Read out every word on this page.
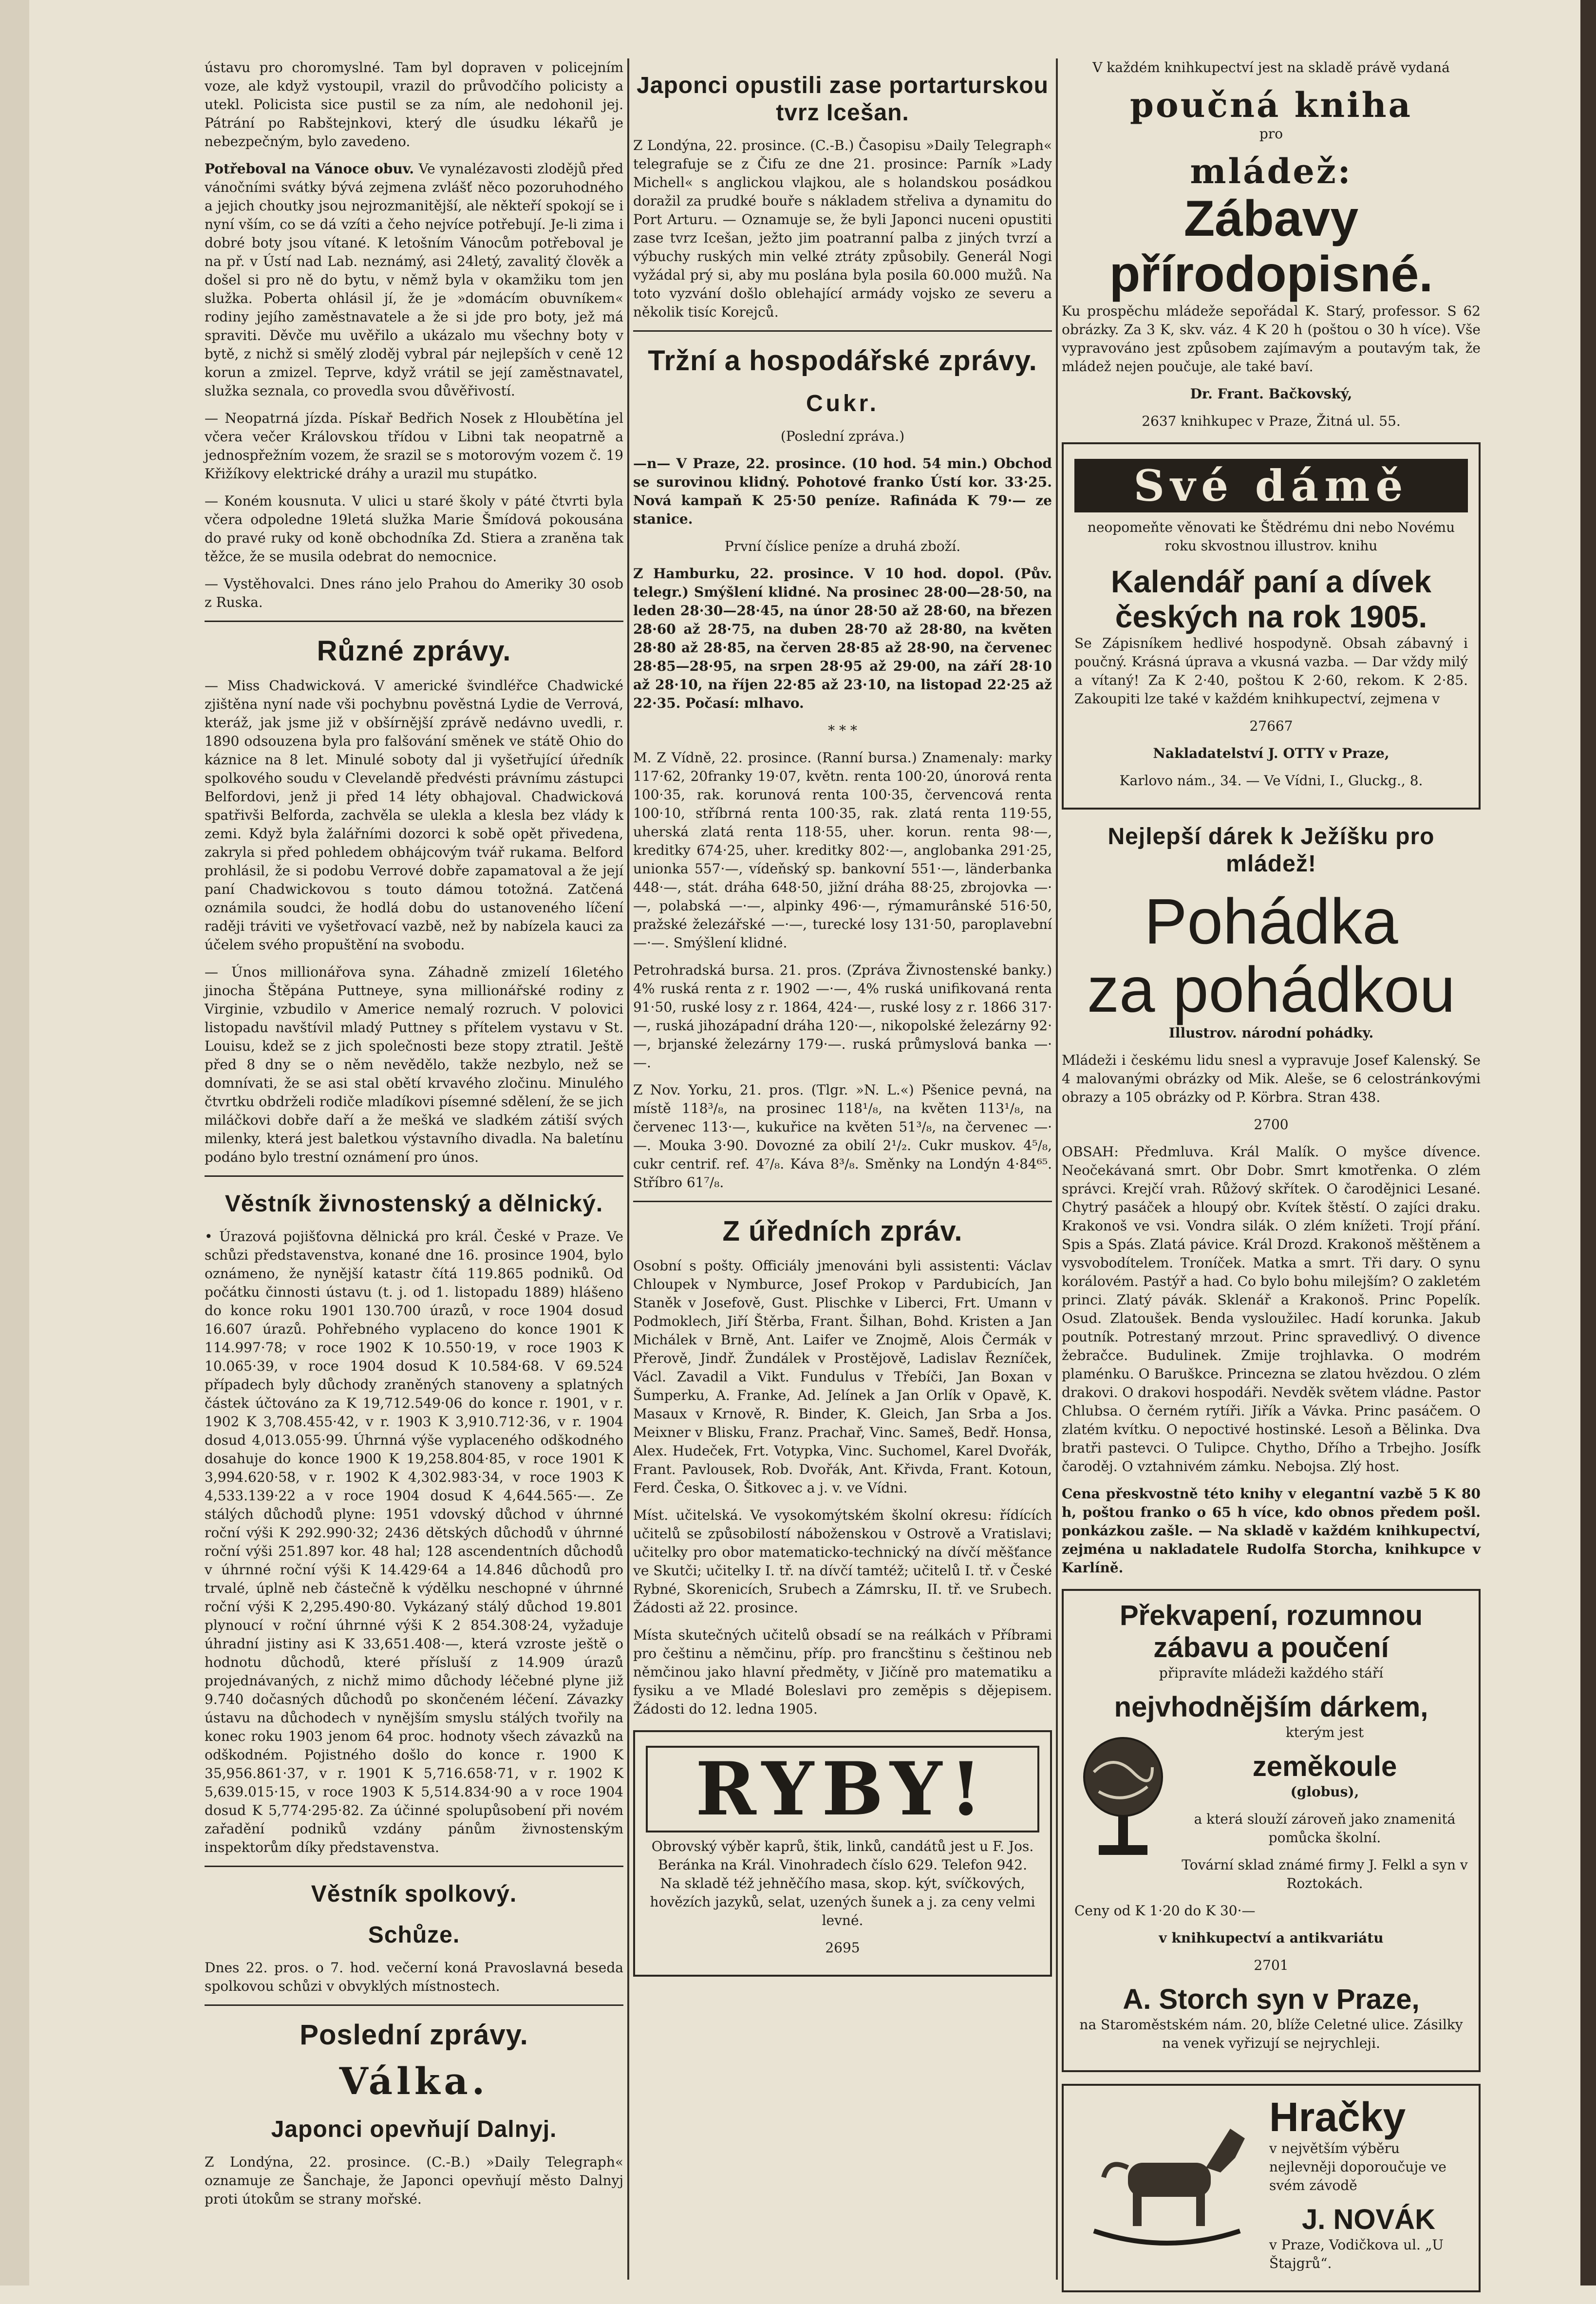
ústavu pro choromyslné. Tam byl dopraven v policejním voze, ale když vystoupil, vrazil do průvodčího policisty a utekl. Policista sice pustil se za ním, ale nedohonil jej. Pátrání po Rabštejnkovi, který dle úsudku lékařů je nebezpečným, bylo zavedeno.

Potřeboval na Vánoce obuv. Ve vynalézavosti zlodějů před vánočními svátky bývá zejmena zvlášť něco pozoruhodného a jejich choutky jsou nejrozmanitější, ale někteří spokojí se i nyní vším, co se dá vzíti a čeho nejvíce potřebují. Je-li zima i dobré boty jsou vítané. K letošním Vánocům potřeboval je na př. v Ústí nad Lab. neznámý, asi 24letý, zavalitý člověk a došel si pro ně do bytu, v němž byla v okamžiku tom jen služka. Poberta ohlásil jí, že je »domácím obuvníkem« rodiny jejího zaměstnavatele a že si jde pro boty, jež má spraviti. Děvče mu uvěřilo a ukázalo mu všechny boty v bytě, z nichž si smělý zloděj vybral pár nejlepších v ceně 12 korun a zmizel. Teprve, když vrátil se její zaměstnavatel, služka seznala, co provedla svou důvěřivostí.

— Neopatrná jízda. Pískař Bedřich Nosek z Hloubětína jel včera večer Královskou třídou v Libni tak neopatrně a jednospřežním vozem, že srazil se s motorovým vozem č. 19 Křižíkovy elektrické dráhy a urazil mu stupátko.

— Koném kousnuta. V ulici u staré školy v páté čtvrti byla včera odpoledne 19letá služka Marie Šmídová pokousána do pravé ruky od koně obchodníka Zd. Stiera a zraněna tak těžce, že se musila odebrat do nemocnice.

— Vystěhovalci. Dnes ráno jelo Prahou do Ameriky 30 osob z Ruska.

Různé zprávy.

— Miss Chadwicková. V americké švindléřce Chadwické zjištěna nyní nade vši pochybnu pověstná Lydie de Verrová, kteráž, jak jsme již v obšírnější zprávě nedávno uvedli, r. 1890 odsouzena byla pro falšování směnek ve státě Ohio do káznice na 8 let. Minulé soboty dal ji vyšetřující úředník spolkového soudu v Clevelandě předvésti právnímu zástupci Belfordovi, jenž ji před 14 léty obhajoval. Chadwicková spatřivši Belforda, zachvěla se ulekla a klesla bez vlády k zemi. Když byla žalářními dozorci k sobě opět přivedena, zakryla si před pohledem obhájcovým tvář rukama. Belford prohlásil, že si podobu Verrové dobře zapamatoval a že její paní Chadwickovou s touto dámou totožná. Zatčená oznámila soudci, že hodlá dobu do ustanoveného líčení raději tráviti ve vyšetřovací vazbě, než by nabízela kauci za účelem svého propuštění na svobodu.

— Únos millionářova syna. Záhadně zmizelí 16letého jinocha Štěpána Puttneye, syna millionářské rodiny z Virginie, vzbudilo v Americe nemalý rozruch. V polovici listopadu navštívil mladý Puttney s přítelem vystavu v St. Louisu, kdež se z jich společnosti beze stopy ztratil. Ještě před 8 dny se o něm nevědělo, takže nezbylo, než se domnívati, že se asi stal obětí krvavého zločinu. Minulého čtvrtku obdrželi rodiče mladíkovi písemné sdělení, že se jich miláčkovi dobře daří a že mešká ve sladkém zátiší svých milenky, která jest baletkou výstavního divadla. Na baletínu podáno bylo trestní oznámení pro únos.

Věstník živnostenský a dělnický.

• Úrazová pojišťovna dělnická pro král. České v Praze. Ve schůzi představenstva, konané dne 16. prosince 1904, bylo oznámeno, že nynější katastr čítá 119.865 podniků. Od počátku činnosti ústavu (t. j. od 1. listopadu 1889) hlášeno do konce roku 1901 130.700 úrazů, v roce 1904 dosud 16.607 úrazů. Pohřebného vyplaceno do konce 1901 K 114.997·78; v roce 1902 K 10.550·19, v roce 1903 K 10.065·39, v roce 1904 dosud K 10.584·68. V 69.524 případech byly důchody zraněných stanoveny a splatných částek účtováno za K 19,712.549·06 do konce r. 1901, v r. 1902 K 3,708.455·42, v r. 1903 K 3,910.712·36, v r. 1904 dosud 4,013.055·99. Úhrnná výše vyplaceného odškodného dosahuje do konce 1900 K 19,258.804·85, v roce 1901 K 3,994.620·58, v r. 1902 K 4,302.983·34, v roce 1903 K 4,533.139·22 a v roce 1904 dosud K 4,644.565·—. Ze stálých důchodů plyne: 1951 vdovský důchod v úhrnné roční výši K 292.990·32; 2436 dětských důchodů v úhrnné roční výši 251.897 kor. 48 hal; 128 ascendentních důchodů v úhrnné roční výši K 14.429·64 a 14.846 důchodů pro trvalé, úplně neb částečně k výdělku neschopné v úhrnné roční výši K 2,295.490·80. Vykázaný stálý důchod 19.801 plynoucí v roční úhrnné výši K 2 854.308·24, vyžaduje úhradní jistiny asi K 33,651.408·—, která vzroste ještě o hodnotu důchodů, které přísluší z 14.909 úrazů projednávaných, z nichž mimo důchody léčebné plyne již 9.740 dočasných důchodů po skončeném léčení. Závazky ústavu na důchodech v nynějším smyslu stálých tvořily na konec roku 1903 jenom 64 proc. hodnoty všech závazků na odškodném. Pojistného došlo do konce r. 1900 K 35,956.861·37, v r. 1901 K 5,716.658·71, v r. 1902 K 5,639.015·15, v roce 1903 K 5,514.834·90 a v roce 1904 dosud K 5,774·295·82. Za účinné spolupůsobení při novém zařadění podniků vzdány pánům živnostenským inspektorům díky představenstva.

Věstník spolkový.
Schůze.

Dnes 22. pros. o 7. hod. večerní koná Pravoslavná beseda spolkovou schůzi v obvyklých místnostech.

Poslední zprávy.
Válka.
Japonci opevňují Dalnyj.

Z Londýna, 22. prosince. (C.-B.) »Daily Telegraph« oznamuje ze Šanchaje, že Japonci opevňují město Dalnyj proti útokům se strany mořské.

Japonci opustili zase portarturskou tvrz Icešan.

Z Londýna, 22. prosince. (C.-B.) Časopisu »Daily Telegraph« telegrafuje se z Čifu ze dne 21. prosince: Parník »Lady Michell« s anglickou vlajkou, ale s holandskou posádkou doražil za prudké bouře s nákladem střeliva a dynamitu do Port Arturu. — Oznamuje se, že byli Japonci nuceni opustiti zase tvrz Icešan, ježto jim poatranní palba z jiných tvrzí a výbuchy ruských min velké ztráty způsobily. Generál Nogi vyžádal prý si, aby mu poslána byla posila 60.000 mužů. Na toto vyzvání došlo oblehající armády vojsko ze severu a několik tisíc Korejců.

Tržní a hospodářské zprávy.
Cukr.

(Poslední zpráva.)

—n— V Praze, 22. prosince. (10 hod. 54 min.) Obchod se surovinou klidný. Pohotové franko Ústí kor. 33·25. Nová kampaň K 25·50 peníze. Rafináda K 79·— ze stanice.

První číslice peníze a druhá zboží.

Z Hamburku, 22. prosince. V 10 hod. dopol. (Pův. telegr.) Smýšlení klidné. Na prosinec 28·00—28·50, na leden 28·30—28·45, na únor 28·50 až 28·60, na březen 28·60 až 28·75, na duben 28·70 až 28·80, na květen 28·80 až 28·85, na červen 28·85 až 28·90, na červenec 28·85—28·95, na srpen 28·95 až 29·00, na září 28·10 až 28·10, na říjen 22·85 až 23·10, na listopad 22·25 až 22·35. Počasí: mlhavo.

* * *

M. Z Vídně, 22. prosince. (Ranní bursa.) Znamenaly: marky 117·62, 20franky 19·07, květn. renta 100·20, únorová renta 100·35, rak. korunová renta 100·35, červencová renta 100·10, stříbrná renta 100·35, rak. zlatá renta 119·55, uherská zlatá renta 118·55, uher. korun. renta 98·—, kreditky 674·25, uher. kreditky 802·—, anglobanka 291·25, unionka 557·—, vídeňský sp. bankovní 551·—, länderbanka 448·—, stát. dráha 648·50, jižní dráha 88·25, zbrojovka —·—, polabská —·—, alpinky 496·—, rýmamurânské 516·50, pražské železářské —·—, turecké losy 131·50, paroplavební —·—. Smýšlení klidné.

Petrohradská bursa. 21. pros. (Zpráva Živnostenské banky.) 4% ruská renta z r. 1902 —·—, 4% ruská unifikovaná renta 91·50, ruské losy z r. 1864, 424·—, ruské losy z r. 1866 317·—, ruská jihozápadní dráha 120·—, nikopolské železárny 92·—, brjanské železárny 179·—. ruská průmyslová banka —·—.

Z Nov. Yorku, 21. pros. (Tlgr. »N. L.«) Pšenice pevná, na místě 118³/₈, na prosinec 118¹/₈, na květen 113¹/₈, na červenec 113·—, kukuřice na květen 51³/₈, na červenec —·—. Mouka 3·90. Dovozné za obilí 2¹/₂. Cukr muskov. 4⁵/₈, cukr centrif. ref. 4⁷/₈. Káva 8³/₈. Směnky na Londýn 4·84⁶⁵. Stříbro 61⁷/₈.

Z úředních zpráv.

Osobní s pošty. Officiály jmenováni byli assistenti: Václav Chloupek v Nymburce, Josef Prokop v Pardubicích, Jan Staněk v Josefově, Gust. Plischke v Liberci, Frt. Umann v Podmoklech, Jiří Štěrba, Frant. Šilhan, Bohd. Kristen a Jan Michálek v Brně, Ant. Laifer ve Znojmě, Alois Čermák v Přerově, Jindř. Žundálek v Prostějově, Ladislav Řezníček, Václ. Zavadil a Vikt. Fundulus v Třebíči, Jan Boxan v Šumperku, A. Franke, Ad. Jelínek a Jan Orlík v Opavě, K. Masaux v Krnově, R. Binder, K. Gleich, Jan Srba a Jos. Meixner v Blisku, Franz. Prachař, Vinc. Sameš, Bedř. Honsa, Alex. Hudeček, Frt. Votypka, Vinc. Suchomel, Karel Dvořák, Frant. Pavlousek, Rob. Dvořák, Ant. Křivda, Frant. Kotoun, Ferd. Česka, O. Šitkovec a j. v. ve Vídni.

Míst. učitelská. Ve vysokomýtském školní okresu: řídících učitelů se způsobilostí náboženskou v Ostrově a Vratislavi; učitelky pro obor matematicko-technický na dívčí měšťance ve Skutči; učitelky I. tř. na dívčí tamtéž; učitelů I. tř. v České Rybné, Skorenicích, Srubech a Zámrsku, II. tř. ve Srubech. Žádosti až 22. prosince.

Místa skutečných učitelů obsadí se na reálkách v Příbrami pro češtinu a němčinu, příp. pro francštinu s češtinou neb němčinou jako hlavní předměty, v Jičíně pro matematiku a fysiku a ve Mladé Boleslavi pro zeměpis s dějepisem. Žádosti do 12. ledna 1905.

RYBY!

Obrovský výběr kaprů, štik, linků, candátů jest u F. Jos. Beránka na Král. Vinohradech číslo 629. Telefon 942. Na skladě též jehněčího masa, skop. kýt, svíčkových, hovězích jazyků, selat, uzených šunek a j. za ceny velmi levné.

2695

V každém knihkupectví jest na skladě právě vydaná

poučná kniha

pro

mládež:
Zábavy přírodopisné.

Ku prospěchu mládeže sepořádal K. Starý, professor. S 62 obrázky. Za 3 K, skv. váz. 4 K 20 h (poštou o 30 h více). Vše vypravováno jest způsobem zajímavým a poutavým tak, že mládež nejen poučuje, ale také baví.

Dr. Frant. Bačkovský,

2637 knihkupec v Praze, Žitná ul. 55.

Své dámě

neopomeňte věnovati ke Štědrému dni nebo Novému roku skvostnou illustrov. knihu

Kalendář paní a dívek českých na rok 1905.

Se Zápisníkem hedlivé hospodyně. Obsah zábavný i poučný. Krásná úprava a vkusná vazba. — Dar vždy milý a vítaný! Za K 2·40, poštou K 2·60, rekom. K 2·85. Zakoupiti lze také v každém knihkupectví, zejmena v

27667

Nakladatelství J. OTTY v Praze,

Karlovo nám., 34. — Ve Vídni, I., Gluckg., 8.

Nejlepší dárek k Ježíšku pro mládež!
Pohádka
za pohádkou

Illustrov. národní pohádky.

Mládeži i českému lidu snesl a vypravuje Josef Kalenský. Se 4 malovanými obrázky od Mik. Aleše, se 6 celostránkovými obrazy a 105 obrázky od P. Körbra. Stran 438.

2700

OBSAH: Předmluva. Král Malík. O myšce dívence. Neočekávaná smrt. Obr Dobr. Smrt kmotřenka. O zlém správci. Krejčí vrah. Růžový skřítek. O čarodějnici Lesané. Chytrý pasáček a hloupý obr. Kvítek štěstí. O zajíci draku. Krakonoš ve vsi. Vondra silák. O zlém knížeti. Trojí přání. Spis a Spás. Zlatá pávice. Král Drozd. Krakonoš měštěnem a vysvobodítelem. Troníček. Matka a smrt. Tři dary. O synu korálovém. Pastýř a had. Co bylo bohu milejším? O zakletém princi. Zlatý pávák. Sklenář a Krakonoš. Princ Popelík. Osud. Zlatoušek. Benda vysloužilec. Hadí korunka. Jakub poutník. Potrestaný mrzout. Princ spravedlivý. O divence žebračce. Budulinek. Zmije trojhlavka. O modrém plaménku. O Baruškce. Princezna se zlatou hvězdou. O zlém drakovi. O drakovi hospodáři. Nevděk světem vládne. Pastor Chlubsa. O černém rytíři. Jiřík a Vávka. Princ pasáčem. O zlatém kvítku. O nepoctivé hostinské. Lesoň a Bělinka. Dva bratři pastevci. O Tulipce. Chytho, Dřího a Trbejho. Josífk čaroděj. O vztahnivém zámku. Nebojsa. Zlý host.

Cena přeskvostně této knihy v elegantní vazbě 5 K 80 h, poštou franko o 65 h více, kdo obnos předem pošl. ponkázkou zašle. — Na skladě v každém knihkupectví, zejména u nakladatele Rudolfa Storcha, knihkupce v Karlíně.

Překvapení, rozumnou zábavu a poučení

připravíte mládeži každého stáří

nejvhodnějším dárkem,

kterým jest

zeměkoule

(globus),

a která slouží zároveň jako znamenitá pomůcka školní.

Tovární sklad známé firmy J. Felkl a syn v Roztokách.

Ceny od K 1·20 do K 30·—

v knihkupectví a antikvariátu

2701

A. Storch syn v Praze,

na Staroměstském nám. 20, blíže Celetné ulice. Zásilky na venek vyřizují se nejrychleji.

Hračky

v největším výběru nejlevněji doporoučuje ve svém závodě

J. NOVÁK

v Praze, Vodičkova ul. „U Štajgrů“.
